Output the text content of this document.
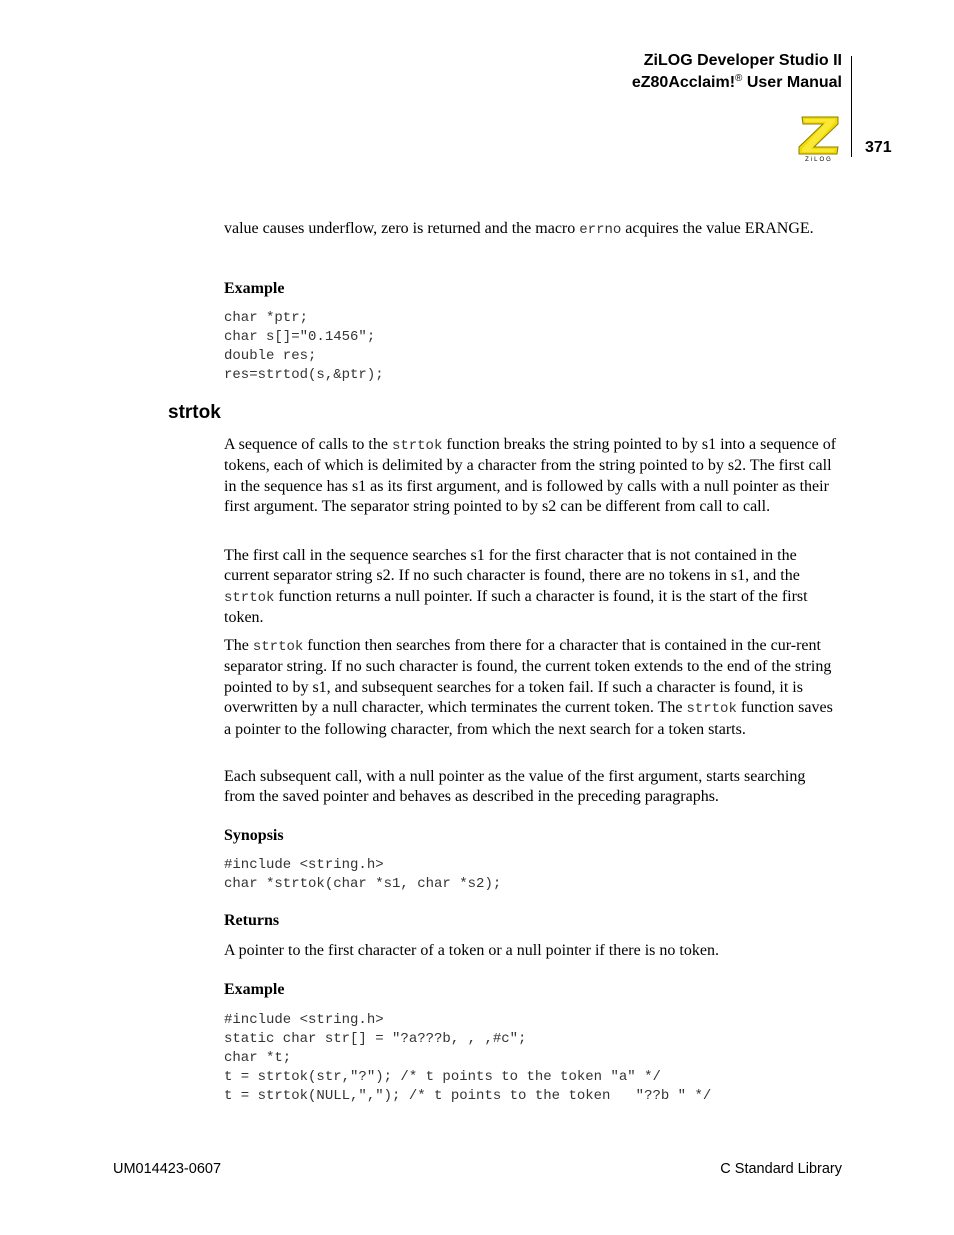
ZiLOG Developer Studio II
eZ80Acclaim!® User Manual
371
ZiLOG

value causes underflow, zero is returned and the macro errno acquires the value ERANGE.

Example
char *ptr;
char s[]="0.1456";
double res;
res=strtod(s,&ptr);
strtok

A sequence of calls to the strtok function breaks the string pointed to by s1 into a sequence of tokens, each of which is delimited by a character from the string pointed to by s2. The first call in the sequence has s1 as its first argument, and is followed by calls with a null pointer as their first argument. The separator string pointed to by s2 can be different from call to call.

The first call in the sequence searches s1 for the first character that is not contained in the current separator string s2. If no such character is found, there are no tokens in s1, and the strtok function returns a null pointer. If such a character is found, it is the start of the first token.

The strtok function then searches from there for a character that is contained in the cur-rent separator string. If no such character is found, the current token extends to the end of the string pointed to by s1, and subsequent searches for a token fail. If such a character is found, it is overwritten by a null character, which terminates the current token. The strtok function saves a pointer to the following character, from which the next search for a token starts.

Each subsequent call, with a null pointer as the value of the first argument, starts searching from the saved pointer and behaves as described in the preceding paragraphs.

Synopsis
#include <string.h>
char *strtok(char *s1, char *s2);
Returns

A pointer to the first character of a token or a null pointer if there is no token.

Example
#include <string.h>
static char str[] = "?a???b, , ,#c";
char *t;
t = strtok(str,"?"); /* t points to the token "a" */
t = strtok(NULL,","); /* t points to the token   "??b " */
UM014423-0607	C Standard Library
